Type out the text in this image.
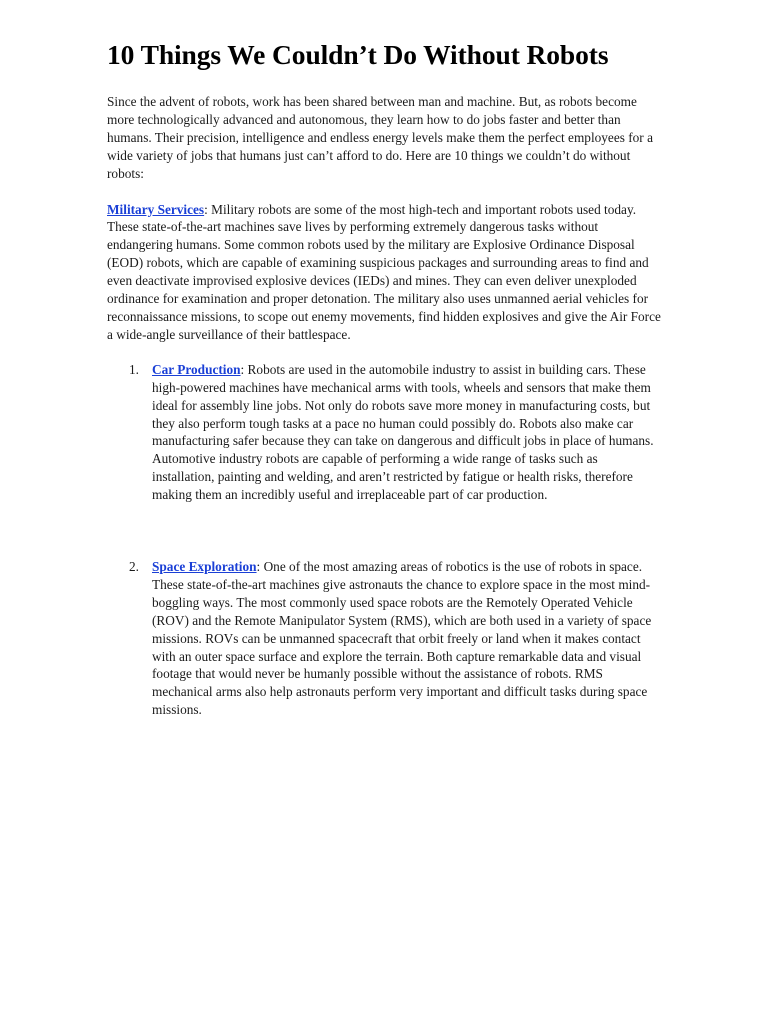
10 Things We Couldn’t Do Without Robots

Since the advent of robots, work has been shared between man and machine. But, as robots become more technologically advanced and autonomous, they learn how to do jobs faster and better than humans. Their precision, intelligence and endless energy levels make them the perfect employees for a wide variety of jobs that humans just can’t afford to do. Here are 10 things we couldn’t do without robots:

Military Services: Military robots are some of the most high-tech and important robots used today. These state-of-the-art machines save lives by performing extremely dangerous tasks without endangering humans. Some common robots used by the military are Explosive Ordinance Disposal (EOD) robots, which are capable of examining suspicious packages and surrounding areas to find and even deactivate improvised explosive devices (IEDs) and mines. They can even deliver unexploded ordinance for examination and proper detonation. The military also uses unmanned aerial vehicles for reconnaissance missions, to scope out enemy movements, find hidden explosives and give the Air Force a wide-angle surveillance of their battlespace.

1. Car Production: Robots are used in the automobile industry to assist in building cars. These high-powered machines have mechanical arms with tools, wheels and sensors that make them ideal for assembly line jobs. Not only do robots save more money in manufacturing costs, but they also perform tough tasks at a pace no human could possibly do. Robots also make car manufacturing safer because they can take on dangerous and difficult jobs in place of humans. Automotive industry robots are capable of performing a wide range of tasks such as installation, painting and welding, and aren’t restricted by fatigue or health risks, therefore making them an incredibly useful and irreplaceable part of car production.
2. Space Exploration: One of the most amazing areas of robotics is the use of robots in space. These state-of-the-art machines give astronauts the chance to explore space in the most mind-boggling ways. The most commonly used space robots are the Remotely Operated Vehicle (ROV) and the Remote Manipulator System (RMS), which are both used in a variety of space missions. ROVs can be unmanned spacecraft that orbit freely or land when it makes contact with an outer space surface and explore the terrain. Both capture remarkable data and visual footage that would never be humanly possible without the assistance of robots. RMS mechanical arms also help astronauts perform very important and difficult tasks during space missions.
